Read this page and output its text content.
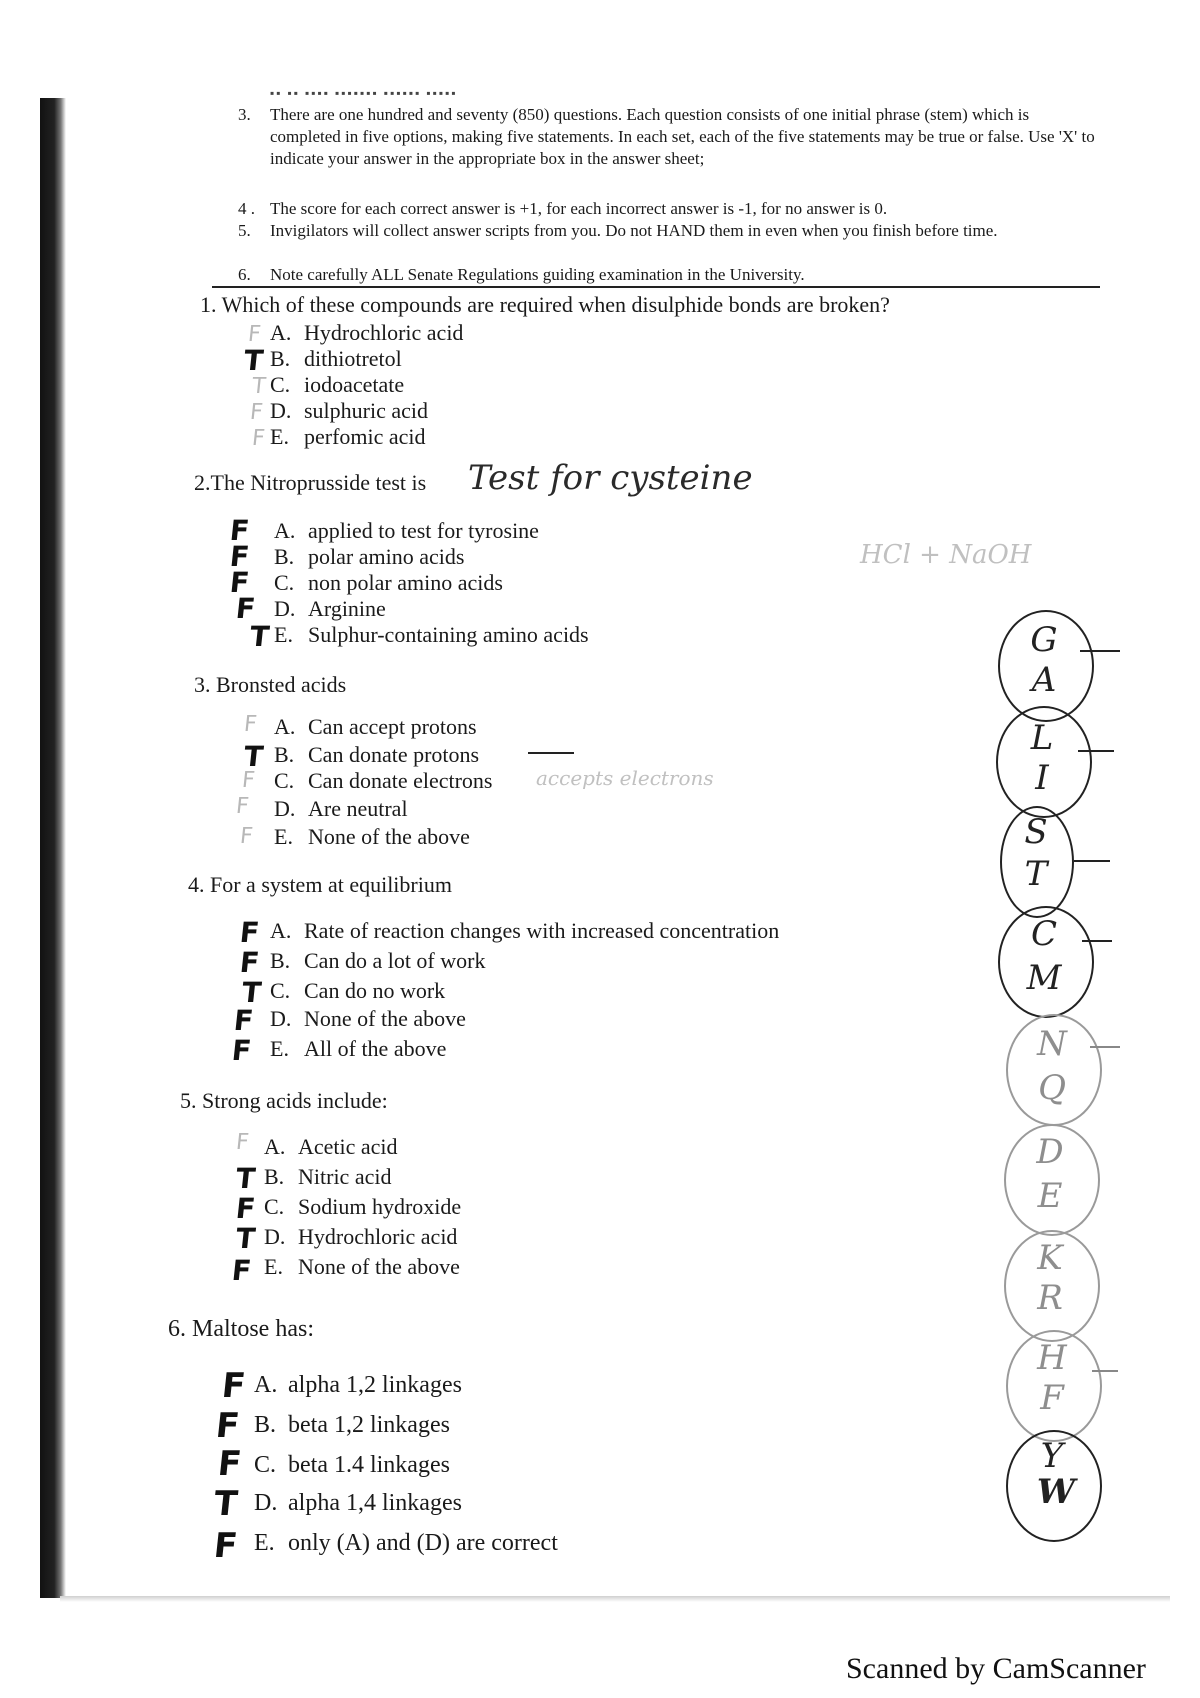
▪▪ ▪▪ ▪▪▪▪ ▪▪▪▪▪▪▪ ▪▪▪▪▪▪ ▪▪▪▪▪
3. There are one hundred and seventy (850) questions. Each question consists of one initial phrase (stem) which is completed in five options, making five statements. In each set, each of the five statements may be true or false. Use 'X' to indicate your answer in the appropriate box in the answer sheet;
4 . The score for each correct answer is +1, for each incorrect answer is -1, for no answer is 0.
5. Invigilators will collect answer scripts from you. Do not HAND them in even when you finish before time.
6. Note carefully ALL Senate Regulations guiding examination in the University.
1. Which of these compounds are required when disulphide bonds are broken?
A. Hydrochloric acid
B. dithiotretol
C. iodoacetate
D. sulphuric acid
E. perfomic acid
F
T
T
F
F
2.The Nitroprusside test is
A. applied to test for tyrosine
B. polar amino acids
C. non polar amino acids
D. Arginine
E. Sulphur-containing amino acids
F
F
F
F
T
Test for cysteine
HCl + NaOH
3. Bronsted acids
A. Can accept protons
B. Can donate protons
C. Can donate electrons
D. Are neutral
E. None of the above
F
T
F
F
F
accepts electrons
4. For a system at equilibrium
A. Rate of reaction changes with increased concentration
B. Can do a lot of work
C. Can do no work
D. None of the above
E. All of the above
F
F
T
F
F
5. Strong acids include:
A. Acetic acid
B. Nitric acid
C. Sodium hydroxide
D. Hydrochloric acid
E. None of the above
F
T
F
T
F
6. Maltose has:
A. alpha 1,2 linkages
B. beta 1,2 linkages
C. beta 1.4 linkages
D. alpha 1,4 linkages
E. only (A) and (D) are correct
F
F
F
T
F
G
A
L
I
S
T
C
M
N
Q
D
E
K
R
H
F
Y
W
Scanned by CamScanner
